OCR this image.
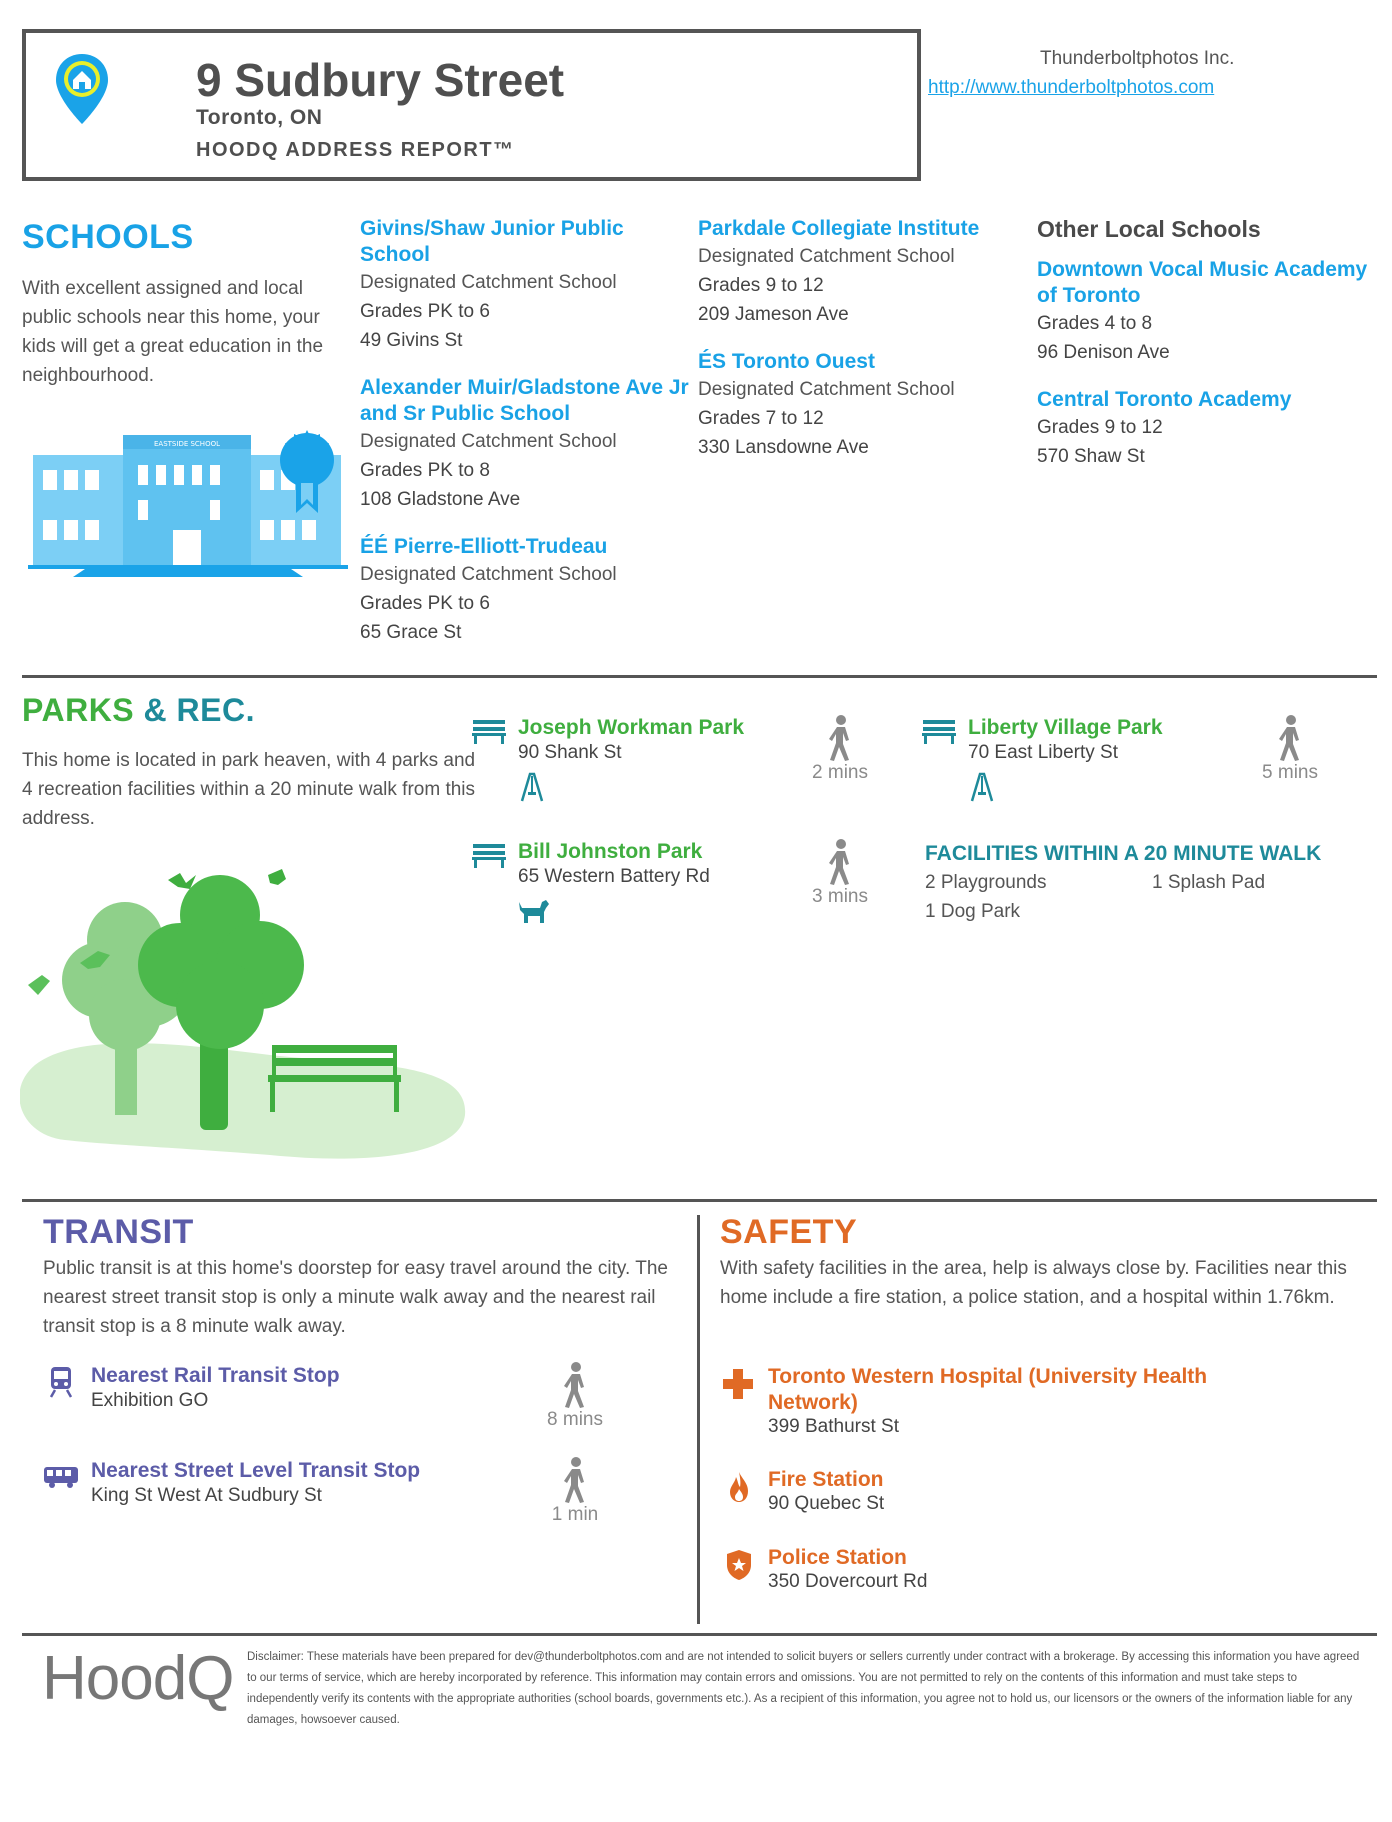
9 Sudbury Street
Toronto, ON
HOODQ ADDRESS REPORT™
Thunderboltphotos Inc.
http://www.thunderboltphotos.com
SCHOOLS
With excellent assigned and local public schools near this home, your kids will get a great education in the neighbourhood.
EASTSIDE SCHOOL
Givins/Shaw Junior Public School
Designated Catchment School
Grades PK to 6
49 Givins St
Alexander Muir/Gladstone Ave Jr and Sr Public School
Designated Catchment School
Grades PK to 8
108 Gladstone Ave
ÉÉ Pierre-Elliott-Trudeau
Designated Catchment School
Grades PK to 6
65 Grace St
Parkdale Collegiate Institute
Designated Catchment School
Grades 9 to 12
209 Jameson Ave
ÉS Toronto Ouest
Designated Catchment School
Grades 7 to 12
330 Lansdowne Ave
Other Local Schools
Downtown Vocal Music Academy of Toronto
Grades 4 to 8
96 Denison Ave
Central Toronto Academy
Grades 9 to 12
570 Shaw St
PARKS & REC.
This home is located in park heaven, with 4 parks and 4 recreation facilities within a 20 minute walk from this address.
Joseph Workman Park
90 Shank St
2 mins
Liberty Village Park
70 East Liberty St
5 mins
Bill Johnston Park
65 Western Battery Rd
3 mins
FACILITIES WITHIN A 20 MINUTE WALK
2 Playgrounds	1 Splash Pad
1 Dog Park
TRANSIT
Public transit is at this home's doorstep for easy travel around the city. The nearest street transit stop is only a minute walk away and the nearest rail transit stop is a 8 minute walk away.
Nearest Rail Transit Stop
Exhibition GO
8 mins
Nearest Street Level Transit Stop
King St West At Sudbury St
1 min
SAFETY
With safety facilities in the area, help is always close by. Facilities near this home include a fire station, a police station, and a hospital within 1.76km.
Toronto Western Hospital (University Health Network)
399 Bathurst St
Fire Station
90 Quebec St
Police Station
350 Dovercourt Rd
HoodQ Disclaimer: These materials have been prepared for dev@thunderboltphotos.com and are not intended to solicit buyers or sellers currently under contract with a brokerage. By accessing this information you have agreed to our terms of service, which are hereby incorporated by reference. This information may contain errors and omissions. You are not permitted to rely on the contents of this information and must take steps to independently verify its contents with the appropriate authorities (school boards, governments etc.). As a recipient of this information, you agree not to hold us, our licensors or the owners of the information liable for any damages, howsoever caused.
